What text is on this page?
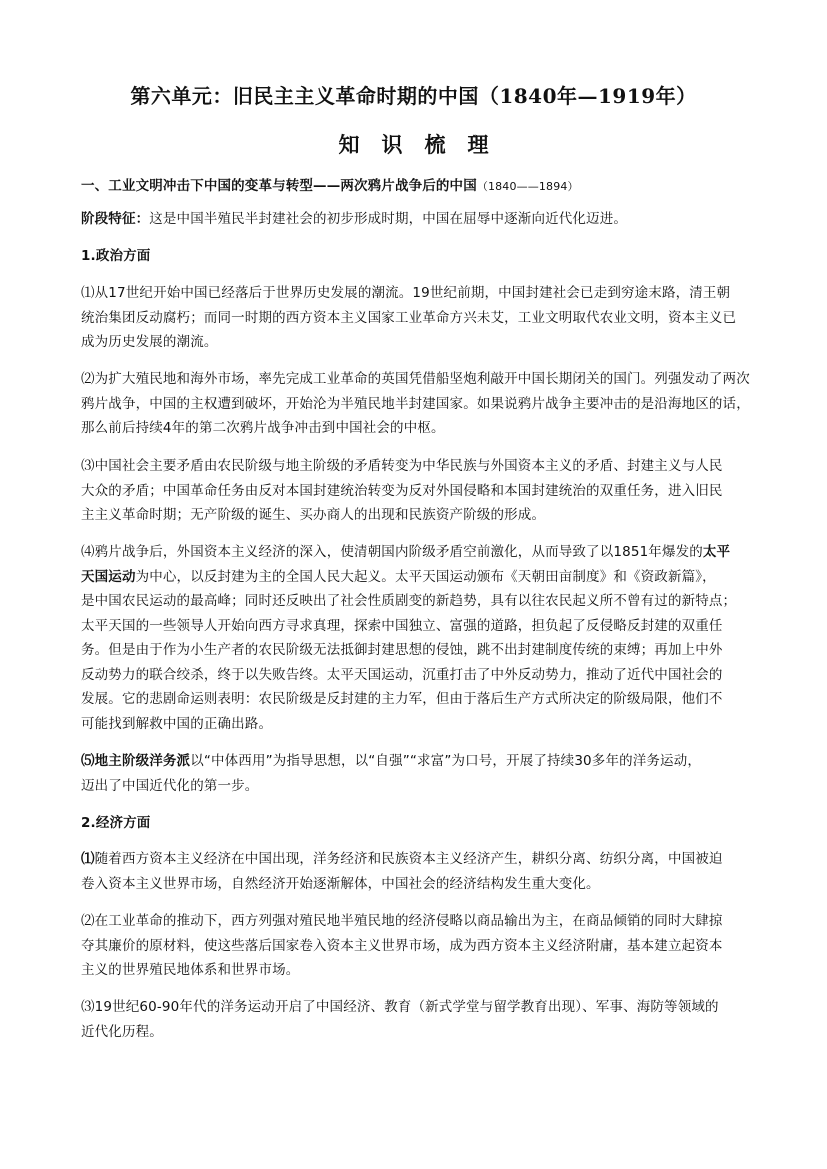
第六单元：旧民主主义革命时期的中国（1840年—1919年）
知识梳理
一、工业文明冲击下中国的变革与转型——两次鸦片战争后的中国（1840——1894）
阶段特征：这是中国半殖民半封建社会的初步形成时期，中国在屈辱中逐渐向近代化迈进。
1.政治方面
⑴从17世纪开始中国已经落后于世界历史发展的潮流。19世纪前期，中国封建社会已走到穷途末路，清王朝
统治集团反动腐朽；而同一时期的西方资本主义国家工业革命方兴未艾，工业文明取代农业文明，资本主义已
成为历史发展的潮流。
⑵为扩大殖民地和海外市场，率先完成工业革命的英国凭借船坚炮利敲开中国长期闭关的国门。列强发动了两次
鸦片战争，中国的主权遭到破坏，开始沦为半殖民地半封建国家。如果说鸦片战争主要冲击的是沿海地区的话，
那么前后持续4年的第二次鸦片战争冲击到中国社会的中枢。
⑶中国社会主要矛盾由农民阶级与地主阶级的矛盾转变为中华民族与外国资本主义的矛盾、封建主义与人民
大众的矛盾；中国革命任务由反对本国封建统治转变为反对外国侵略和本国封建统治的双重任务，进入旧民
主主义革命时期；无产阶级的诞生、买办商人的出现和民族资产阶级的形成。
⑷鸦片战争后，外国资本主义经济的深入，使清朝国内阶级矛盾空前激化，从而导致了以1851年爆发的太平
天国运动为中心，以反封建为主的全国人民大起义。太平天国运动颁布《天朝田亩制度》和《资政新篇》，
是中国农民运动的最高峰；同时还反映出了社会性质剧变的新趋势，具有以往农民起义所不曾有过的新特点；
太平天国的一些领导人开始向西方寻求真理，探索中国独立、富强的道路，担负起了反侵略反封建的双重任
务。但是由于作为小生产者的农民阶级无法抵御封建思想的侵蚀，跳不出封建制度传统的束缚；再加上中外
反动势力的联合绞杀，终于以失败告终。太平天国运动，沉重打击了中外反动势力，推动了近代中国社会的
发展。它的悲剧命运则表明：农民阶级是反封建的主力军，但由于落后生产方式所决定的阶级局限，他们不
可能找到解救中国的正确出路。
⑸地主阶级洋务派以“中体西用”为指导思想，以“自强”“求富”为口号，开展了持续30多年的洋务运动，
迈出了中国近代化的第一步。
2.经济方面
⑴随着西方资本主义经济在中国出现，洋务经济和民族资本主义经济产生，耕织分离、纺织分离，中国被迫
卷入资本主义世界市场，自然经济开始逐渐解体，中国社会的经济结构发生重大变化。
⑵在工业革命的推动下，西方列强对殖民地半殖民地的经济侵略以商品输出为主，在商品倾销的同时大肆掠
夺其廉价的原材料，使这些落后国家卷入资本主义世界市场，成为西方资本主义经济附庸，基本建立起资本
主义的世界殖民地体系和世界市场。
⑶19世纪60-90年代的洋务运动开启了中国经济、教育（新式学堂与留学教育出现）、军事、海防等领域的
近代化历程。
